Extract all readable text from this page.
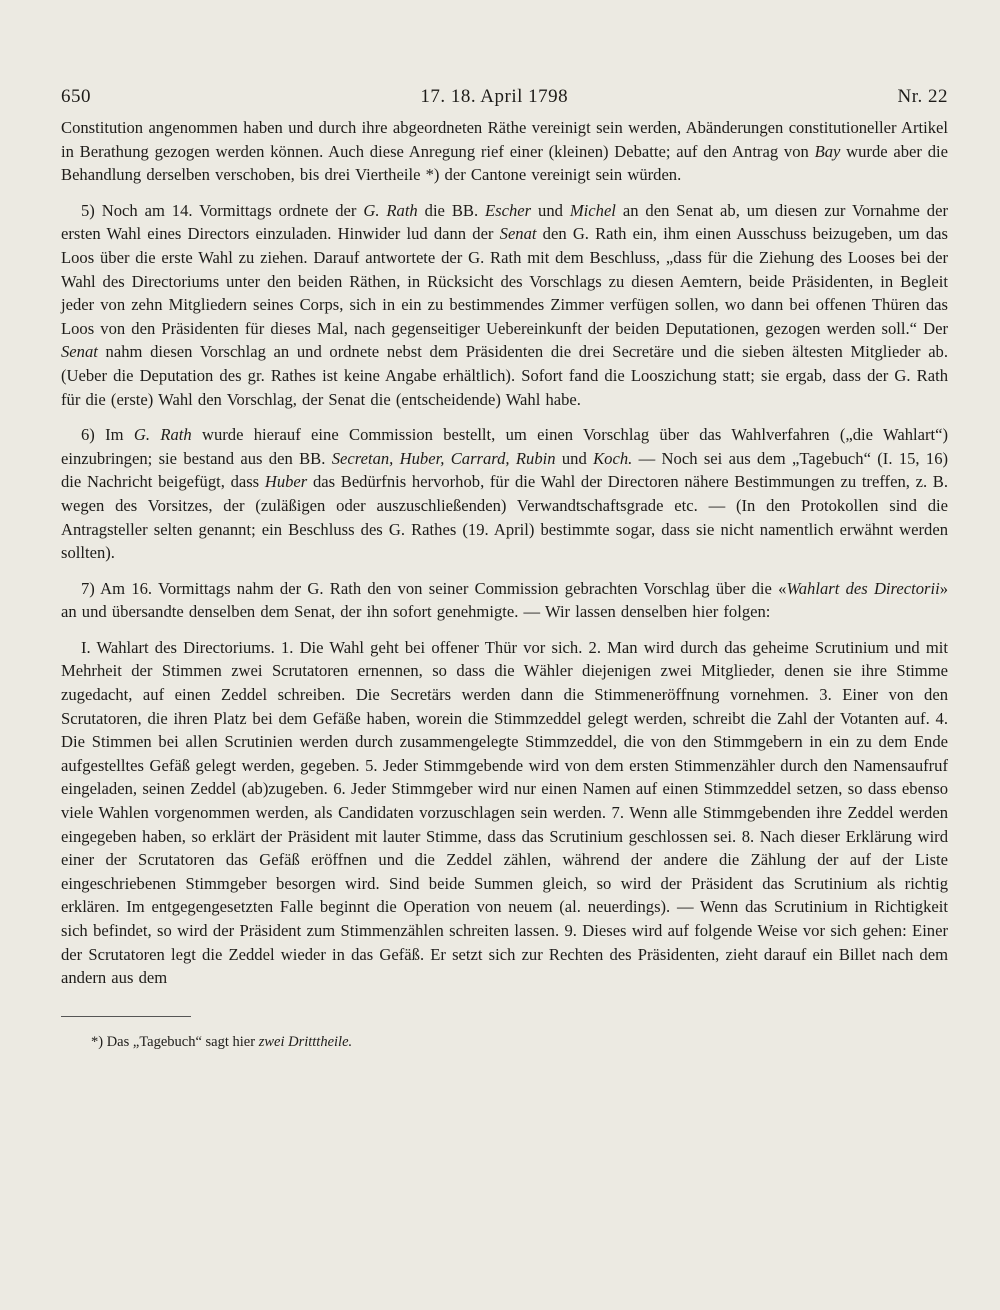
650	17. 18. April 1798	Nr. 22

Constitution angenommen haben und durch ihre abgeordneten Räthe vereinigt sein werden, Abänderungen constitutioneller Artikel in Berathung gezogen werden können. Auch diese Anregung rief einer (kleinen) Debatte; auf den Antrag von Bay wurde aber die Behandlung derselben verschoben, bis drei Viertheile *) der Cantone vereinigt sein würden.

5) Noch am 14. Vormittags ordnete der G. Rath die BB. Escher und Michel an den Senat ab, um diesen zur Vornahme der ersten Wahl eines Directors einzuladen. Hinwider lud dann der Senat den G. Rath ein, ihm einen Ausschuss beizugeben, um das Loos über die erste Wahl zu ziehen. Darauf antwortete der G. Rath mit dem Beschluss, „dass für die Ziehung des Looses bei der Wahl des Directoriums unter den beiden Räthen, in Rücksicht des Vorschlags zu diesen Aemtern, beide Präsidenten, in Begleit jeder von zehn Mitgliedern seines Corps, sich in ein zu bestimmendes Zimmer verfügen sollen, wo dann bei offenen Thüren das Loos von den Präsidenten für dieses Mal, nach gegenseitiger Uebereinkunft der beiden Deputationen, gezogen werden soll.“ Der Senat nahm diesen Vorschlag an und ordnete nebst dem Präsidenten die drei Secretäre und die sieben ältesten Mitglieder ab. (Ueber die Deputation des gr. Rathes ist keine Angabe erhältlich). Sofort fand die Looszichung statt; sie ergab, dass der G. Rath für die (erste) Wahl den Vorschlag, der Senat die (entscheidende) Wahl habe.

6) Im G. Rath wurde hierauf eine Commission bestellt, um einen Vorschlag über das Wahlverfahren („die Wahlart“) einzubringen; sie bestand aus den BB. Secretan, Huber, Carrard, Rubin und Koch. — Noch sei aus dem „Tagebuch“ (I. 15, 16) die Nachricht beigefügt, dass Huber das Bedürfnis hervorhob, für die Wahl der Directoren nähere Bestimmungen zu treffen, z. B. wegen des Vorsitzes, der (zuläßigen oder auszuschließenden) Verwandtschaftsgrade etc. — (In den Protokollen sind die Antragsteller selten genannt; ein Beschluss des G. Rathes (19. April) bestimmte sogar, dass sie nicht namentlich erwähnt werden sollten).

7) Am 16. Vormittags nahm der G. Rath den von seiner Commission gebrachten Vorschlag über die «Wahlart des Directorii» an und übersandte denselben dem Senat, der ihn sofort genehmigte. — Wir lassen denselben hier folgen:

I. Wahlart des Directoriums. 1. Die Wahl geht bei offener Thür vor sich. 2. Man wird durch das geheime Scrutinium und mit Mehrheit der Stimmen zwei Scrutatoren ernennen, so dass die Wähler diejenigen zwei Mitglieder, denen sie ihre Stimme zugedacht, auf einen Zeddel schreiben. Die Secretärs werden dann die Stimmeneröffnung vornehmen. 3. Einer von den Scrutatoren, die ihren Platz bei dem Gefäße haben, worein die Stimmzeddel gelegt werden, schreibt die Zahl der Votanten auf. 4. Die Stimmen bei allen Scrutinien werden durch zusammengelegte Stimmzeddel, die von den Stimmgebern in ein zu dem Ende aufgestelltes Gefäß gelegt werden, gegeben. 5. Jeder Stimmgebende wird von dem ersten Stimmenzähler durch den Namensaufruf eingeladen, seinen Zeddel (ab)zugeben. 6. Jeder Stimmgeber wird nur einen Namen auf einen Stimmzeddel setzen, so dass ebenso viele Wahlen vorgenommen werden, als Candidaten vorzuschlagen sein werden. 7. Wenn alle Stimmgebenden ihre Zeddel werden eingegeben haben, so erklärt der Präsident mit lauter Stimme, dass das Scrutinium geschlossen sei. 8. Nach dieser Erklärung wird einer der Scrutatoren das Gefäß eröffnen und die Zeddel zählen, während der andere die Zählung der auf der Liste eingeschriebenen Stimmgeber besorgen wird. Sind beide Summen gleich, so wird der Präsident das Scrutinium als richtig erklären. Im entgegengesetzten Falle beginnt die Operation von neuem (al. neuerdings). — Wenn das Scrutinium in Richtigkeit sich befindet, so wird der Präsident zum Stimmenzählen schreiten lassen. 9. Dieses wird auf folgende Weise vor sich gehen: Einer der Scrutatoren legt die Zeddel wieder in das Gefäß. Er setzt sich zur Rechten des Präsidenten, zieht darauf ein Billet nach dem andern aus dem

*) Das „Tagebuch“ sagt hier zwei Dritttheile.
